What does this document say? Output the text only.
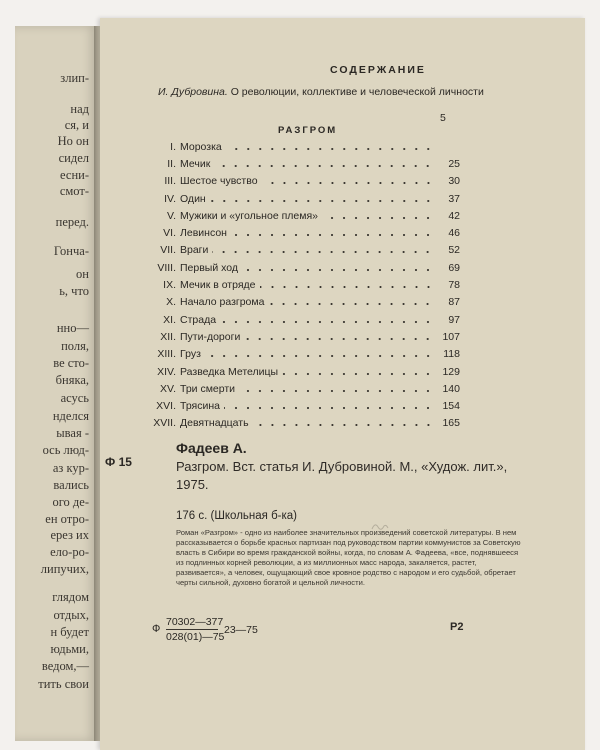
злип-
над
ся, и
Но он
сидел
есни-
смот-
перед.
Гонча-
он
ь, что
нно—
поля,
ве сто-
бняка,
асусь
нделся
ывая -
ось люд-
аз кур-
вались
ого де-
ен отро-
ерез их
ело-ро-
липучих,
глядом
отдых,
н будет
юдьми,
ведом,—
тить свои
СОДЕРЖАНИЕ
И. Дубровина. О революции, коллективе и человеческой личности
5
РАЗГРОМ
I. Морозка
II. Мечик	25
III. Шестое чувство	30
IV. Один	37
V. Мужики и «угольное племя»	42
VI. Левинсон	46
VII. Враги	52
VIII. Первый ход	69
IX. Мечик в отряде	78
X. Начало разгрома	87
XI. Страда	97
XII. Пути-дороги	107
XIII. Груз	118
XIV. Разведка Метелицы	129
XV. Три смерти	140
XVI. Трясина	154
XVII. Девятнадцать	165
Ф 15
Фадеев А.
Разгром. Вст. статья И. Дубровиной. М., «Худож. лит.», 1975.
176 с. (Школьная б-ка)
Роман «Разгром» - одно из наиболее значительных произведений советской литературы. В нем рассказывается о борьбе красных партизан под руководством партии коммунистов за Советскую власть в Сибири во время гражданской войны, когда, по словам А. Фадеева, «все, поднявшееся из подлинных корней революции, а из миллионных масс народа, закаляется, растет, развивается», а человек, ощущающий свое кровное родство с народом и его судьбой, обретает черты сильной, духовно богатой и цельной личности.
Ф
70302—377
028(01)—75
23—75	Р2
